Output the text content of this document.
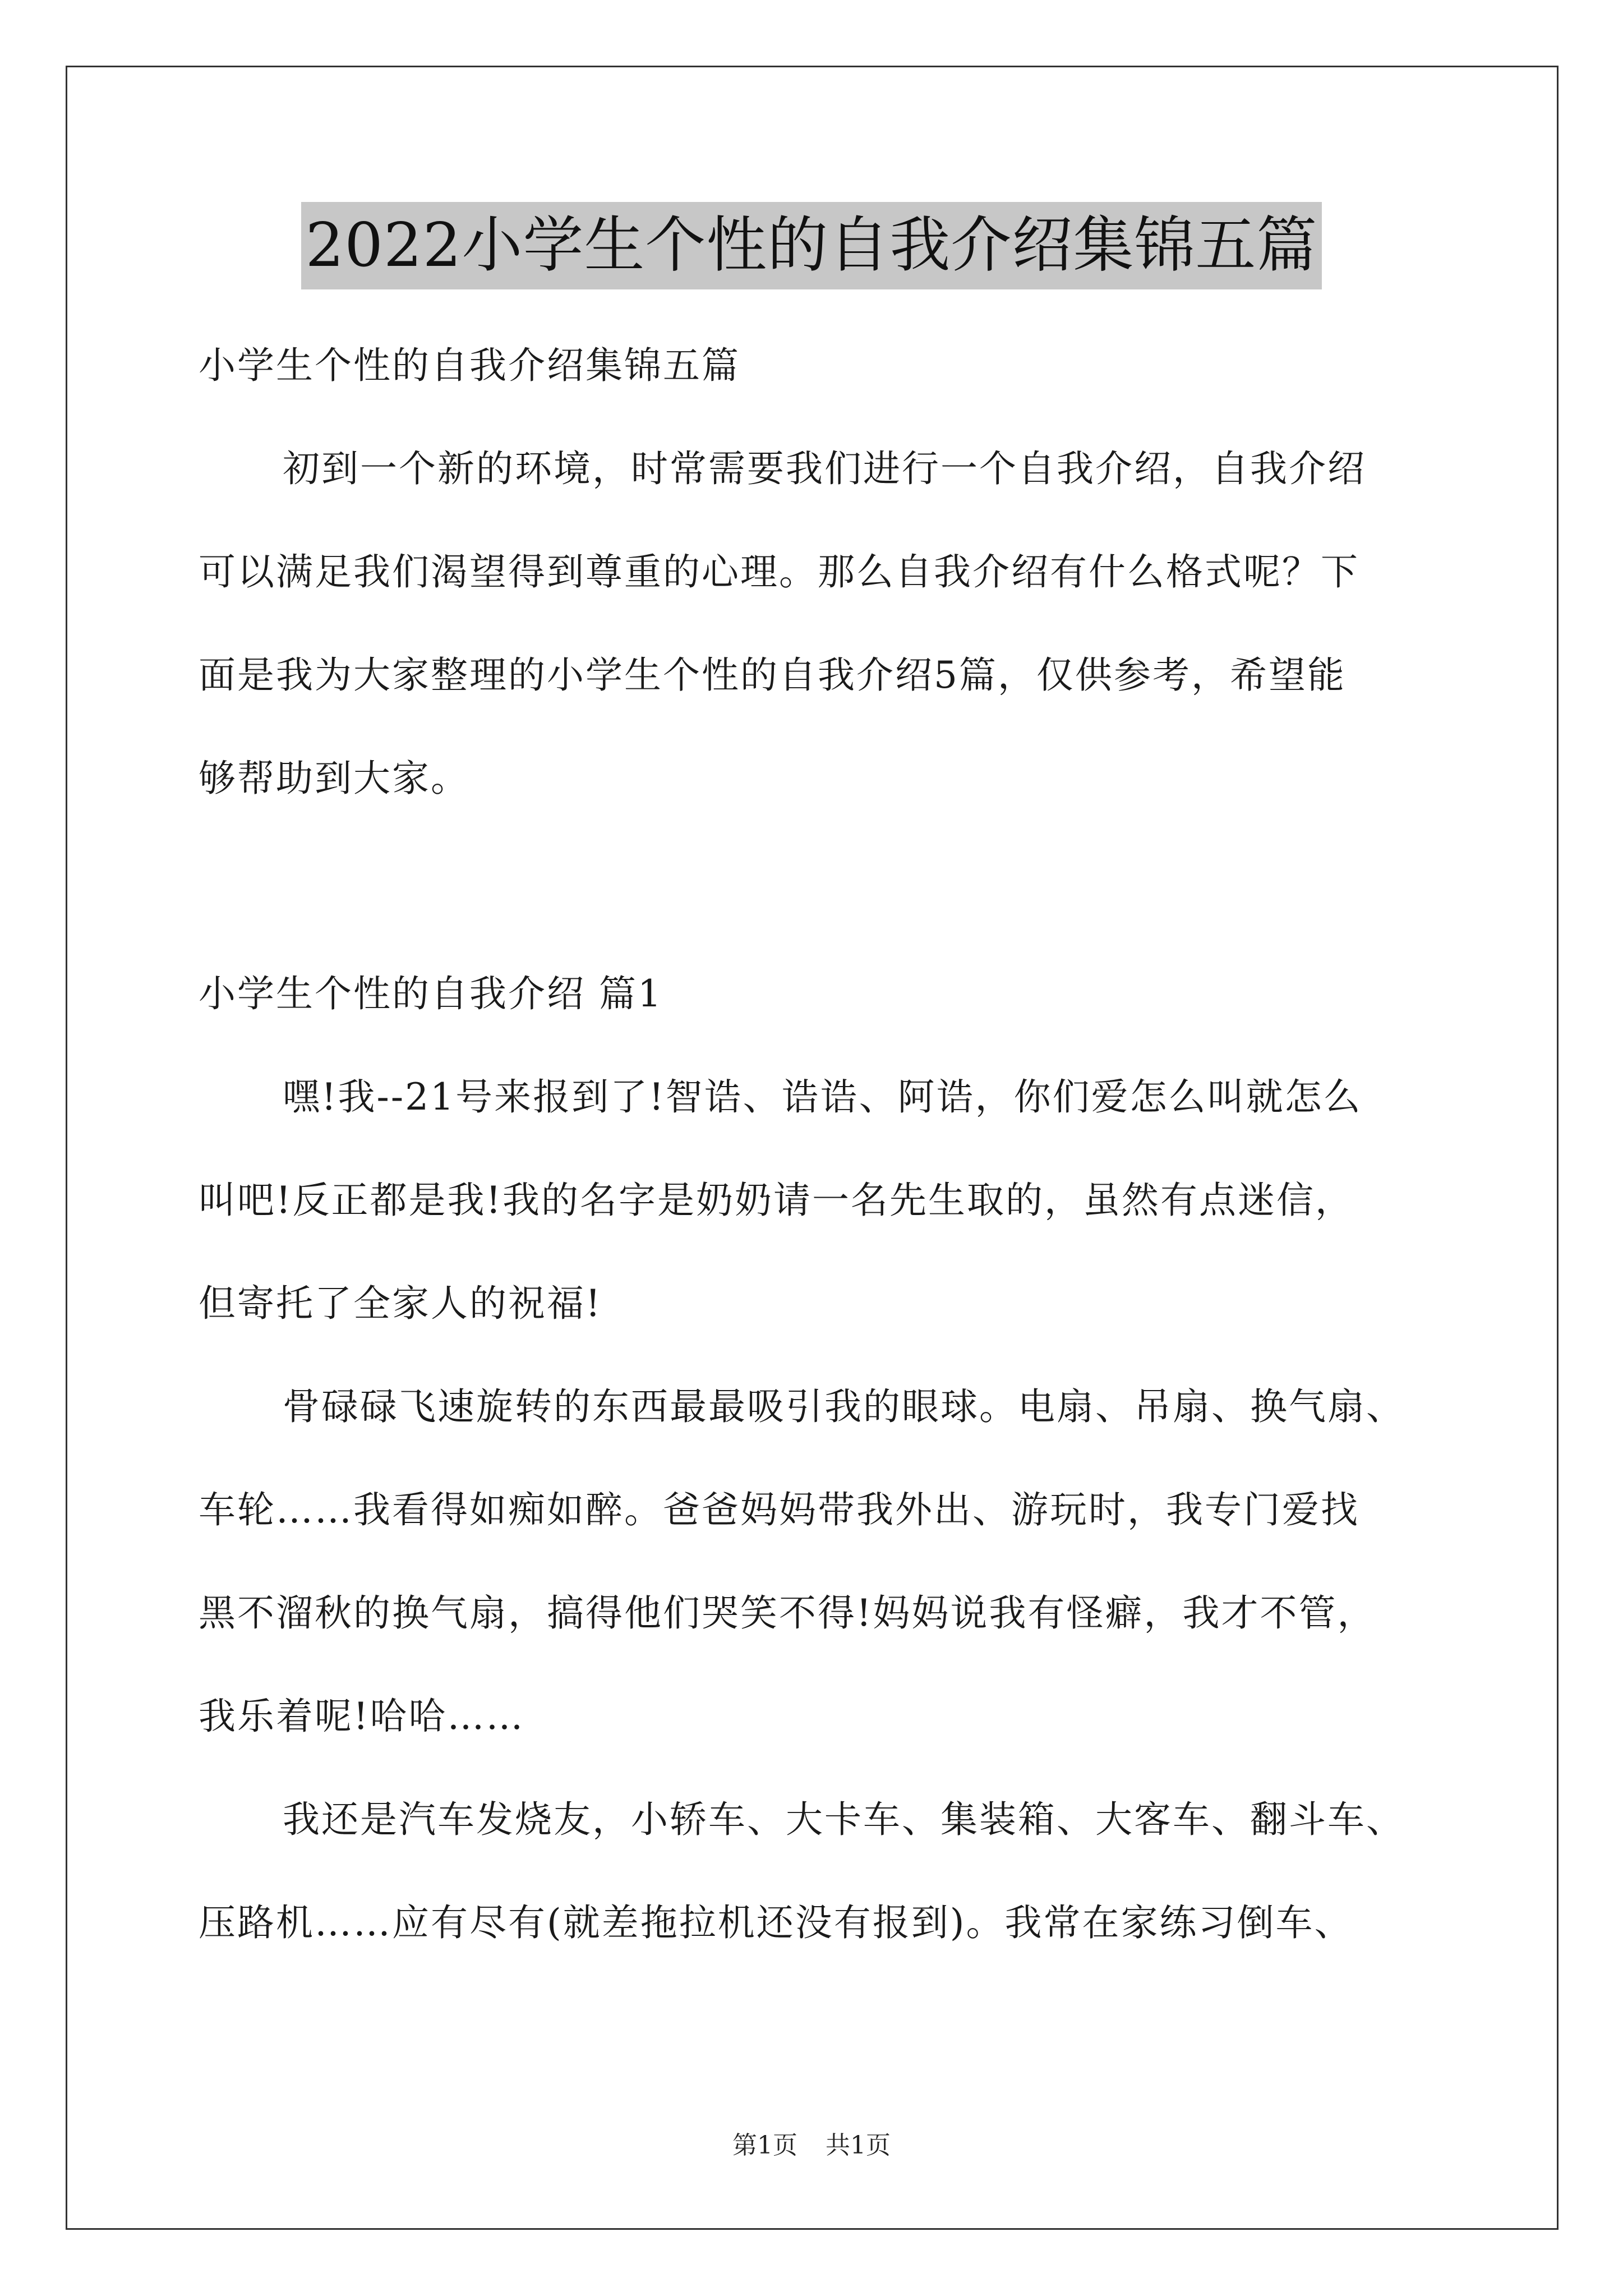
2022小学生个性的自我介绍集锦五篇
小学生个性的自我介绍集锦五篇
初到一个新的环境，时常需要我们进行一个自我介绍，自我介绍
可以满足我们渴望得到尊重的心理。那么自我介绍有什么格式呢？下
面是我为大家整理的小学生个性的自我介绍5篇，仅供参考，希望能
够帮助到大家。
小学生个性的自我介绍 篇1
嘿!我--21号来报到了!智诰、诰诰、阿诰，你们爱怎么叫就怎么
叫吧!反正都是我!我的名字是奶奶请一名先生取的，虽然有点迷信，
但寄托了全家人的祝福!
骨碌碌飞速旋转的东西最最吸引我的眼球。电扇、吊扇、换气扇、
车轮……我看得如痴如醉。爸爸妈妈带我外出、游玩时，我专门爱找
黑不溜秋的换气扇，搞得他们哭笑不得!妈妈说我有怪癖，我才不管，
我乐着呢!哈哈……
我还是汽车发烧友，小轿车、大卡车、集装箱、大客车、翻斗车、
压路机……应有尽有(就差拖拉机还没有报到)。我常在家练习倒车、
第1页 共1页
